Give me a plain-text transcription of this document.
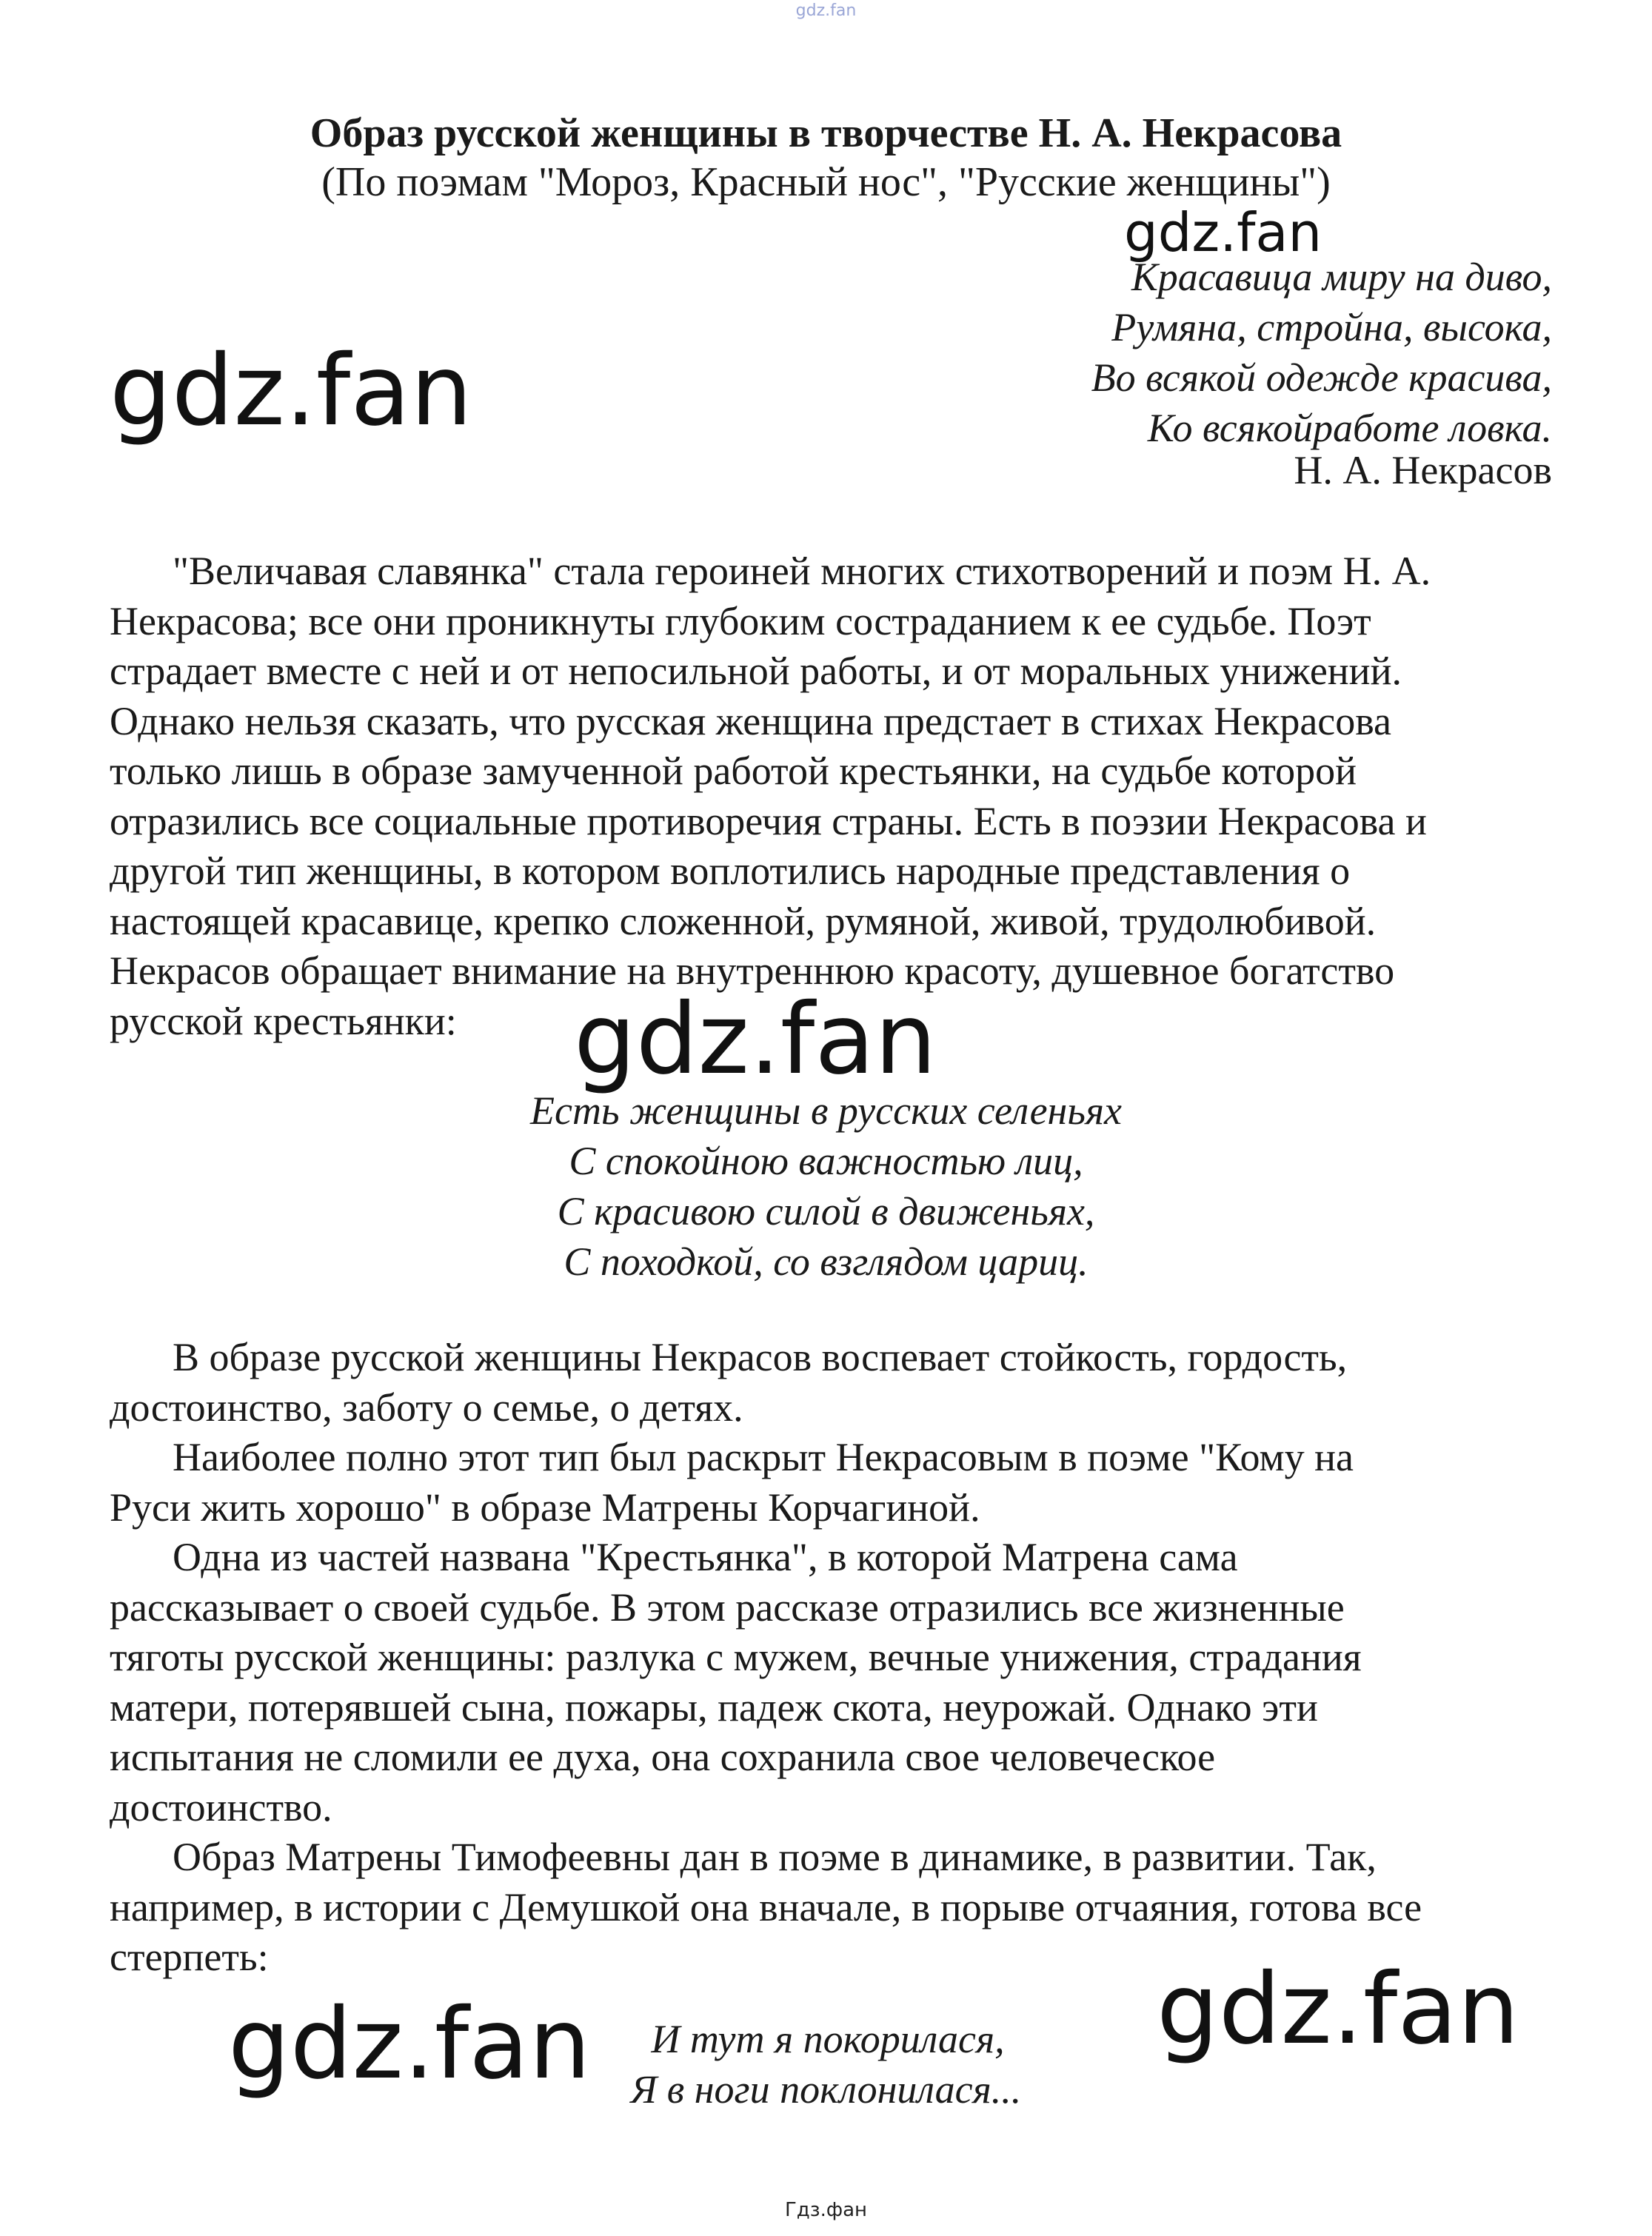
gdz.fan
gdz.fan
gdz.fan
gdz.fan
gdz.fan
gdz.fan
Образ русской женщины в творчестве Н. А. Некрасова
(По поэмам "Мороз, Красный нос", "Русские женщины")
Красавица миру на диво,
Румяна, стройна, высока,
Во всякой одежде красива,
Ко всякойработе ловка.
Н. А. Некрасов
"Величавая славянка" стала героиней многих стихотворений и поэм Н. А.
Некрасова; все они проникнуты глубоким состраданием к ее судьбе. Поэт
страдает вместе с ней и от непосильной работы, и от моральных унижений.
Однако нельзя сказать, что русская женщина предстает в стихах Некрасова
только лишь в образе замученной работой крестьянки, на судьбе которой
отразились все социальные противоречия страны. Есть в поэзии Некрасова и
другой тип женщины, в котором воплотились народные представления о
настоящей красавице, крепко сложенной, румяной, живой, трудолюбивой.
Некрасов обращает внимание на внутреннюю красоту, душевное богатство
русской крестьянки:
Есть женщины в русских селеньях
С спокойною важностью лиц,
С красивою силой в движеньях,
С походкой, со взглядом цариц.
В образе русской женщины Некрасов воспевает стойкость, гордость,
достоинство, заботу о семье, о детях.
Наиболее полно этот тип был раскрыт Некрасовым в поэме "Кому на
Руси жить хорошо" в образе Матрены Корчагиной.
Одна из частей названа "Крестьянка", в которой Матрена сама
рассказывает о своей судьбе. В этом рассказе отразились все жизненные
тяготы русской женщины: разлука с мужем, вечные унижения, страдания
матери, потерявшей сына, пожары, падеж скота, неурожай. Однако эти
испытания не сломили ее духа, она сохранила свое человеческое
достоинство.
Образ Матрены Тимофеевны дан в поэме в динамике, в развитии. Так,
например, в истории с Демушкой она вначале, в порыве отчаяния, готова все
стерпеть:
И тут я покорилася,
Я в ноги поклонилася...
Гдз.фан
